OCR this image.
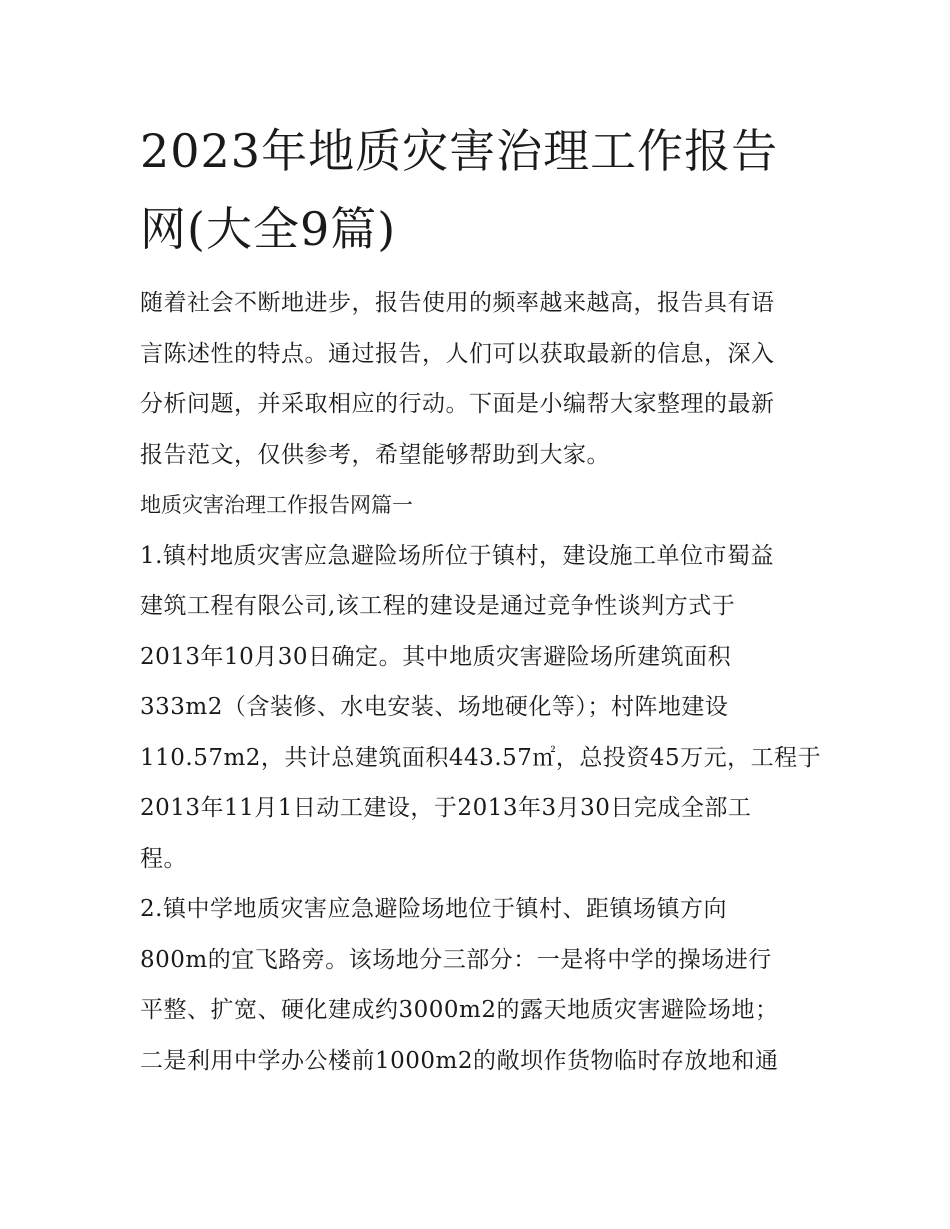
2023年地质灾害治理工作报告
网(大全9篇)

随着社会不断地进步，报告使用的频率越来越高，报告具有语
言陈述性的特点。通过报告，人们可以获取最新的信息，深入
分析问题，并采取相应的行动。下面是小编帮大家整理的最新
报告范文，仅供参考，希望能够帮助到大家。

地质灾害治理工作报告网篇一

1.镇村地质灾害应急避险场所位于镇村，建设施工单位市蜀益
建筑工程有限公司,该工程的建设是通过竞争性谈判方式于
2013年10月30日确定。其中地质灾害避险场所建筑面积
333m2（含装修、水电安装、场地硬化等）；村阵地建设
110.57m2，共计总建筑面积443.57㎡，总投资45万元，工程于
2013年11月1日动工建设，于2013年3月30日完成全部工
程。

2.镇中学地质灾害应急避险场地位于镇村、距镇场镇方向
800m的宜飞路旁。该场地分三部分：一是将中学的操场进行
平整、扩宽、硬化建成约3000m2的露天地质灾害避险场地；
二是利用中学办公楼前1000m2的敞坝作货物临时存放地和通
